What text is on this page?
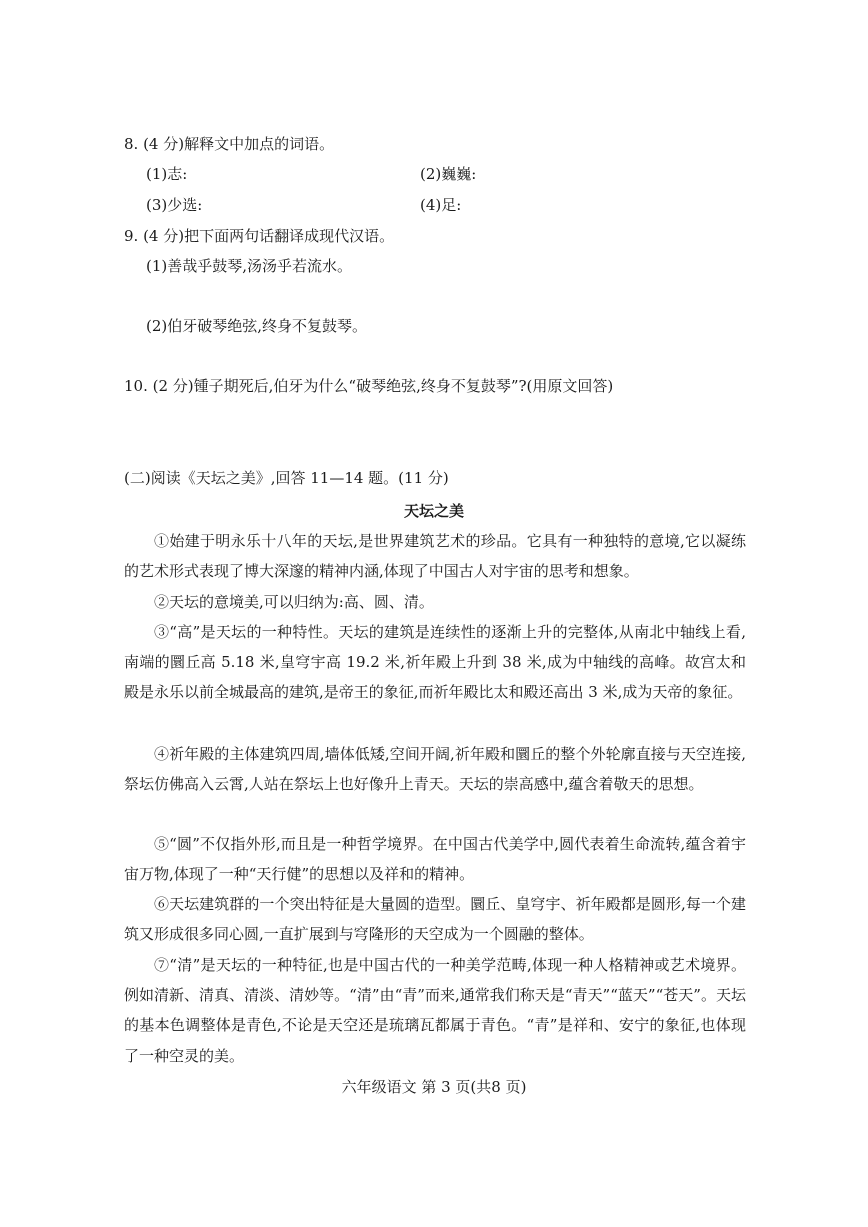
8. (4 分)解释文中加点的词语。
(1)志:	(2)巍巍:
(3)少选:	(4)足:
9. (4 分)把下面两句话翻译成现代汉语。
(1)善哉乎鼓琴,汤汤乎若流水。
(2)伯牙破琴绝弦,终身不复鼓琴。
10. (2 分)锺子期死后,伯牙为什么“破琴绝弦,终身不复鼓琴”?(用原文回答)
(二)阅读《天坛之美》,回答 11—14 题。(11 分)
天坛之美
①始建于明永乐十八年的天坛,是世界建筑艺术的珍品。它具有一种独特的意境,它以凝练的艺术形式表现了博大深邃的精神内涵,体现了中国古人对宇宙的思考和想象。
②天坛的意境美,可以归纳为:高、圆、清。
③“高”是天坛的一种特性。天坛的建筑是连续性的逐渐上升的完整体,从南北中轴线上看,南端的圜丘高 5.18 米,皇穹宇高 19.2 米,祈年殿上升到 38 米,成为中轴线的高峰。故宫太和殿是永乐以前全城最高的建筑,是帝王的象征,而祈年殿比太和殿还高出 3 米,成为天帝的象征。
④祈年殿的主体建筑四周,墙体低矮,空间开阔,祈年殿和圜丘的整个外轮廓直接与天空连接,祭坛仿佛高入云霄,人站在祭坛上也好像升上青天。天坛的崇高感中,蕴含着敬天的思想。
⑤“圆”不仅指外形,而且是一种哲学境界。在中国古代美学中,圆代表着生命流转,蕴含着宇宙万物,体现了一种“天行健”的思想以及祥和的精神。
⑥天坛建筑群的一个突出特征是大量圆的造型。圜丘、皇穹宇、祈年殿都是圆形,每一个建筑又形成很多同心圆,一直扩展到与穹隆形的天空成为一个圆融的整体。
⑦“清”是天坛的一种特征,也是中国古代的一种美学范畴,体现一种人格精神或艺术境界。例如清新、清真、清淡、清妙等。“清”由“青”而来,通常我们称天是“青天”“蓝天”“苍天”。天坛的基本色调整体是青色,不论是天空还是琉璃瓦都属于青色。“青”是祥和、安宁的象征,也体现了一种空灵的美。
六年级语文 第 3 页(共8 页)
